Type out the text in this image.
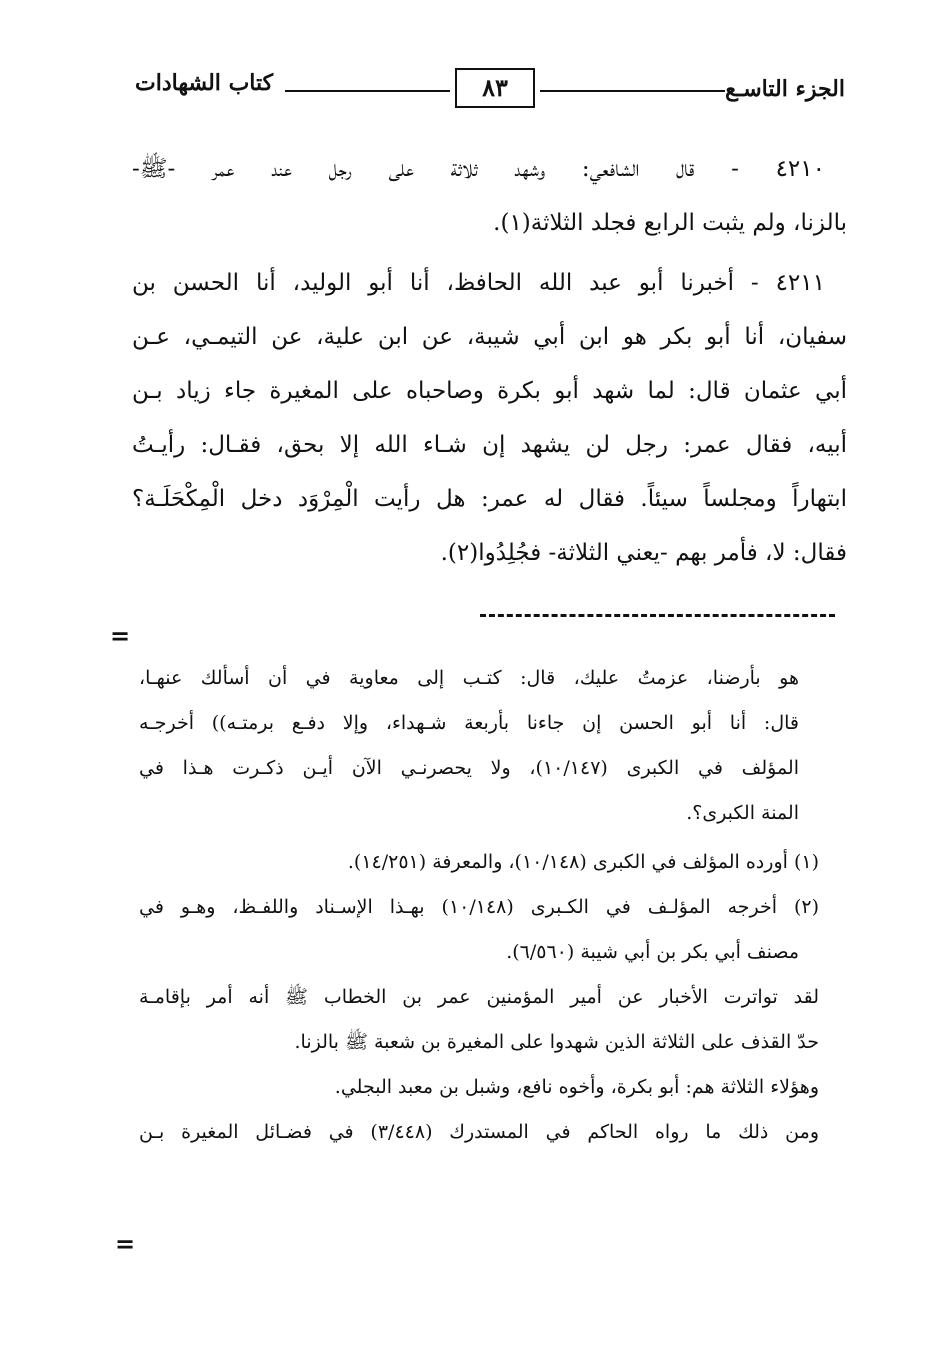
الجزء التاسـع
٨٣
كتاب الشهادات
٤٢١٠ - قال الشافعي: وشهد ثلاثة على رجل عند عمر -ﷺ-
بالزنا، ولم يثبت الرابع فجلد الثلاثة(١).
٤٢١١ - أخبرنا أبو عبد الله الحافظ، أنا أبو الوليد، أنا الحسن بن
سفيان، أنا أبو بكر هو ابن أبي شيبة، عن ابن علية، عن التيمـي، عـن
أبي عثمان قال: لما شهد أبو بكرة وصاحباه على المغيرة جاء زياد بـن
أبيه، فقال عمر: رجل لن يشهد إن شـاء الله إلا بحق، فقـال: رأيـتُ
ابتهاراً ومجلساً سيئاً. فقال له عمر: هل رأيت الْمِرْوَد دخل الْمِكْحَلَـة؟
فقال: لا، فأمر بهم -يعني الثلاثة- فجُلِدُوا(٢).
=
هو بأرضنا، عزمتُ عليك، قال: كتـب إلى معاوية في أن أسألك عنهـا،
قال: أنا أبو الحسن إن جاءنا بأربعة شـهداء، وإلا دفـع برمتـه)) أخرجـه
المؤلف في الكبرى (١٠/١٤٧)، ولا يحصرنـي الآن أيـن ذكـرت هـذا في
المنة الكبرى؟.
(١) أورده المؤلف في الكبرى (١٠/١٤٨)، والمعرفة (١٤/٢٥١).
(٢) أخرجه المؤلـف في الكـبرى (١٠/١٤٨) بهـذا الإسـناد واللفـظ، وهـو في
مصنف أبي بكر بن أبي شيبة (٦/٥٦٠).
لقد تواترت الأخبار عن أمير المؤمنين عمر بن الخطاب ﷺ أنه أمر بإقامـة
حدّ القذف على الثلاثة الذين شهدوا على المغيرة بن شعبة ﷺ بالزنا.
وهؤلاء الثلاثة هم: أبو بكرة، وأخوه نافع، وشبل بن معبد البجلي.
ومن ذلك ما رواه الحاكم في المستدرك (٣/٤٤٨) في فضـائل المغيرة بـن
=
